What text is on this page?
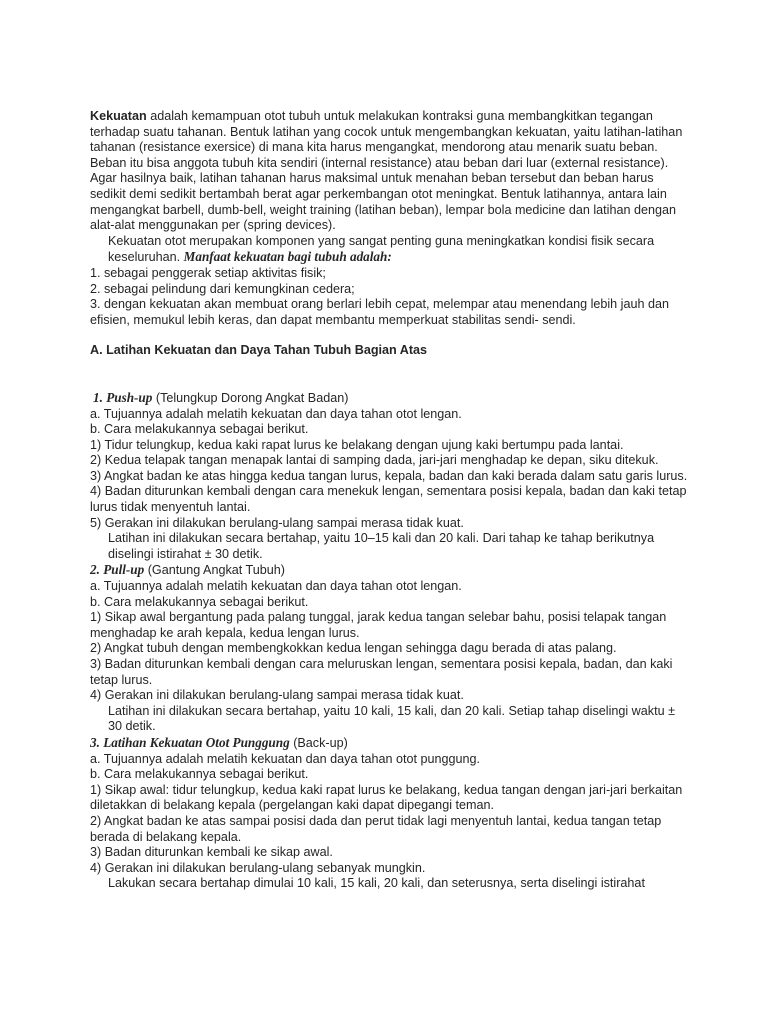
Kekuatan adalah kemampuan otot tubuh untuk melakukan kontraksi guna membangkitkan tegangan terhadap suatu tahanan. Bentuk latihan yang cocok untuk mengembangkan kekuatan, yaitu latihan-latihan tahanan (resistance exersice) di mana kita harus mengangkat, mendorong atau menarik suatu beban. Beban itu bisa anggota tubuh kita sendiri (internal resistance) atau beban dari luar (external resistance). Agar hasilnya baik, latihan tahanan harus maksimal untuk menahan beban tersebut dan beban harus sedikit demi sedikit bertambah berat agar perkembangan otot meningkat. Bentuk latihannya, antara lain mengangkat barbell, dumb-bell, weight training (latihan beban), lempar bola medicine dan latihan dengan alat-alat menggunakan per (spring devices).

Kekuatan otot merupakan komponen yang sangat penting guna meningkatkan kondisi fisik secara keseluruhan. Manfaat kekuatan bagi tubuh adalah:

1. sebagai penggerak setiap aktivitas fisik;

2. sebagai pelindung dari kemungkinan cedera;

3. dengan kekuatan akan membuat orang berlari lebih cepat, melempar atau menendang lebih jauh dan efisien, memukul lebih keras, dan dapat membantu memperkuat stabilitas sendi- sendi.

A. Latihan Kekuatan dan Daya Tahan Tubuh Bagian Atas

1. Push-up (Telungkup Dorong Angkat Badan)

a. Tujuannya adalah melatih kekuatan dan daya tahan otot lengan.

b. Cara melakukannya sebagai berikut.

1) Tidur telungkup, kedua kaki rapat lurus ke belakang dengan ujung kaki bertumpu pada lantai.

2) Kedua telapak tangan menapak lantai di samping dada, jari-jari menghadap ke depan, siku ditekuk.

3) Angkat badan ke atas hingga kedua tangan lurus, kepala, badan dan kaki berada dalam satu garis lurus.

4) Badan diturunkan kembali dengan cara menekuk lengan, sementara posisi kepala, badan dan kaki tetap lurus tidak menyentuh lantai.

5) Gerakan ini dilakukan berulang-ulang sampai merasa tidak kuat.

Latihan ini dilakukan secara bertahap, yaitu 10–15 kali dan 20 kali. Dari tahap ke tahap berikutnya diselingi istirahat ± 30 detik.

2. Pull-up (Gantung Angkat Tubuh)

a. Tujuannya adalah melatih kekuatan dan daya tahan otot lengan.

b. Cara melakukannya sebagai berikut.

1) Sikap awal bergantung pada palang tunggal, jarak kedua tangan selebar bahu, posisi telapak tangan menghadap ke arah kepala, kedua lengan lurus.

2) Angkat tubuh dengan membengkokkan kedua lengan sehingga dagu berada di atas palang.

3) Badan diturunkan kembali dengan cara meluruskan lengan, sementara posisi kepala, badan, dan kaki tetap lurus.

4) Gerakan ini dilakukan berulang-ulang sampai merasa tidak kuat.

Latihan ini dilakukan secara bertahap, yaitu 10 kali, 15 kali, dan 20 kali. Setiap tahap diselingi waktu ± 30 detik.

3. Latihan Kekuatan Otot Punggung (Back-up)

a. Tujuannya adalah melatih kekuatan dan daya tahan otot punggung.

b. Cara melakukannya sebagai berikut.

1) Sikap awal: tidur telungkup, kedua kaki rapat lurus ke belakang, kedua tangan dengan jari-jari berkaitan diletakkan di belakang kepala (pergelangan kaki dapat dipegangi teman.

2) Angkat badan ke atas sampai posisi dada dan perut tidak lagi menyentuh lantai, kedua tangan tetap berada di belakang kepala.

3) Badan diturunkan kembali ke sikap awal.

4) Gerakan ini dilakukan berulang-ulang sebanyak mungkin.

Lakukan secara bertahap dimulai 10 kali, 15 kali, 20 kali, dan seterusnya, serta diselingi istirahat
